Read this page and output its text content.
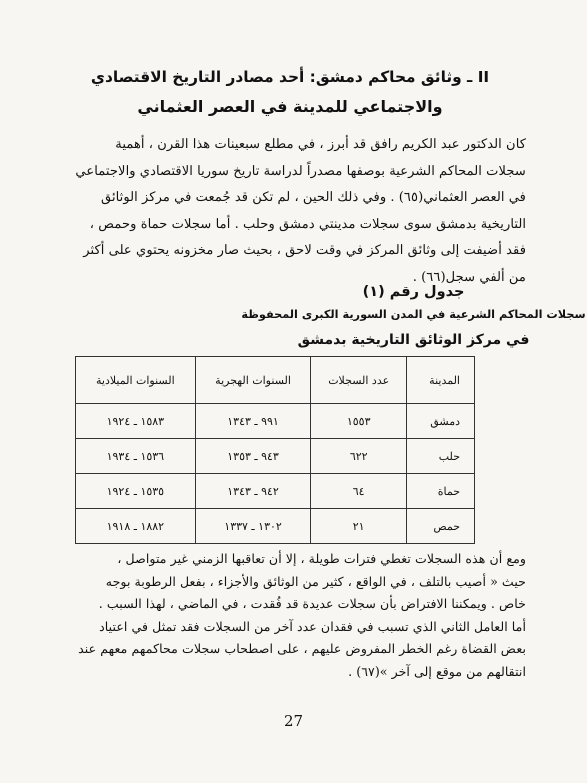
II ـ وثائق محاكم دمشق: أحد مصادر التاريخ الاقتصادي
والاجتماعي للمدينة في العصر العثماني
كان الدكتور عبد الكريم رافق قد أبرز ، في مطلع سبعينات هذا القرن ، أهمية
سجلات المحاكم الشرعية بوصفها مصدراً لدراسة تاريخ سوريا الاقتصادي والاجتماعي
في العصر العثماني(٦٥) . وفي ذلك الحين ، لم تكن قد جُمعت في مركز الوثائق
التاريخية بدمشق سوى سجلات مدينتي دمشق وحلب . أما سجلات حماة وحمص ،
فقد أضيفت إلى وثائق المركز في وقت لاحق ، بحيث صار مخزونه يحتوي على أكثر
من ألفي سجل(٦٦) .
جدول رقم (١)
سجلات المحاكم الشرعية في المدن السورية الكبرى المحفوظة
في مركز الوثائق التاريخية بدمشق
المدينة	عدد السجلات	السنوات الهجرية	السنوات الميلادية
دمشق	١٥٥٣	٩٩١ ـ ١٣٤٣	١٥٨٣ ـ ١٩٢٤
حلب	٦٢٢	٩٤٣ ـ ١٣٥٣	١٥٣٦ ـ ١٩٣٤
حماة	٦٤	٩٤٢ ـ ١٣٤٣	١٥٣٥ ـ ١٩٢٤
حمص	٢١	١٣٠٢ ـ ١٣٣٧	١٨٨٢ ـ ١٩١٨
ومع أن هذه السجلات تغطي فترات طويلة ، إلا أن تعاقبها الزمني غير متواصل ،
حيث « أصيب بالتلف ، في الواقع ، كثير من الوثائق والأجزاء ، بفعل الرطوبة بوجه
خاص . ويمكننا الافتراض بأن سجلات عديدة قد فُقدت ، في الماضي ، لهذا السبب .
أما العامل الثاني الذي تسبب في فقدان عدد آخر من السجلات فقد تمثل في اعتياد
بعض القضاة رغم الخطر المفروض عليهم ، على اصطحاب سجلات محاكمهم معهم عند
انتقالهم من موقع إلى آخر »(٦٧) .
27
